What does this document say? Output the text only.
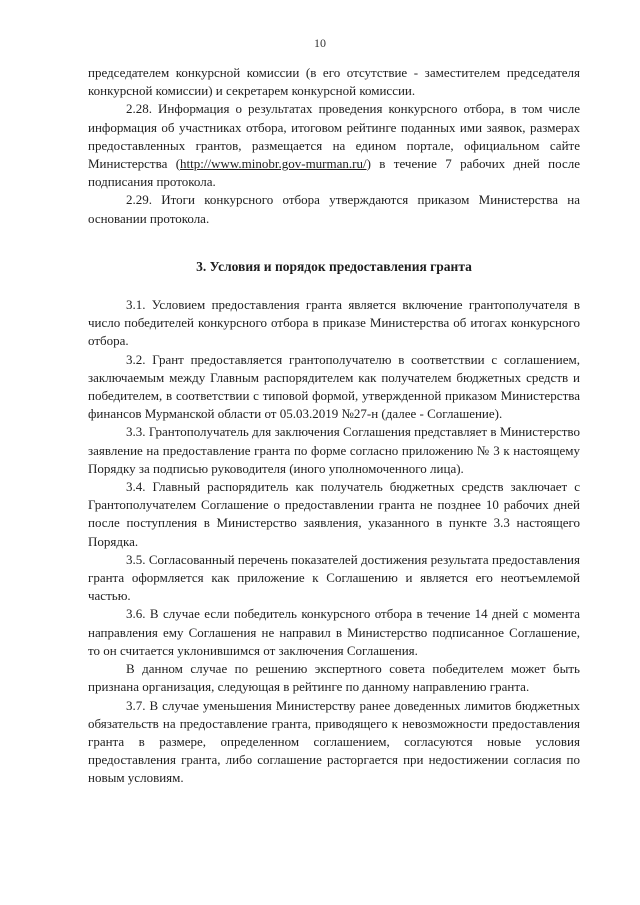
10

председателем конкурсной комиссии (в его отсутствие - заместителем председателя конкурсной комиссии) и секретарем конкурсной комиссии.

2.28. Информация о результатах проведения конкурсного отбора, в том числе информация об участниках отбора, итоговом рейтинге поданных ими заявок, размерах предоставленных грантов, размещается на едином портале, официальном сайте Министерства (http://www.minobr.gov-murman.ru/) в течение 7 рабочих дней после подписания протокола.

2.29. Итоги конкурсного отбора утверждаются приказом Министерства на основании протокола.

3. Условия и порядок предоставления гранта

3.1. Условием предоставления гранта является включение грантополучателя в число победителей конкурсного отбора в приказе Министерства об итогах конкурсного отбора.

3.2. Грант предоставляется грантополучателю в соответствии с соглашением, заключаемым между Главным распорядителем как получателем бюджетных средств и победителем, в соответствии с типовой формой, утвержденной приказом Министерства финансов Мурманской области от 05.03.2019 №27-н (далее - Соглашение).

3.3. Грантополучатель для заключения Соглашения представляет в Министерство заявление на предоставление гранта по форме согласно приложению № 3 к настоящему Порядку за подписью руководителя (иного уполномоченного лица).

3.4. Главный распорядитель как получатель бюджетных средств заключает с Грантополучателем Соглашение о предоставлении гранта не позднее 10 рабочих дней после поступления в Министерство заявления, указанного в пункте 3.3 настоящего Порядка.

3.5. Согласованный перечень показателей достижения результата предоставления гранта оформляется как приложение к Соглашению и является его неотъемлемой частью.

3.6. В случае если победитель конкурсного отбора в течение 14 дней с момента направления ему Соглашения не направил в Министерство подписанное Соглашение, то он считается уклонившимся от заключения Соглашения.

В данном случае по решению экспертного совета победителем может быть признана организация, следующая в рейтинге по данному направлению гранта.

3.7. В случае уменьшения Министерству ранее доведенных лимитов бюджетных обязательств на предоставление гранта, приводящего к невозможности предоставления гранта в размере, определенном соглашением, согласуются новые условия предоставления гранта, либо соглашение расторгается при недостижении согласия по новым условиям.
